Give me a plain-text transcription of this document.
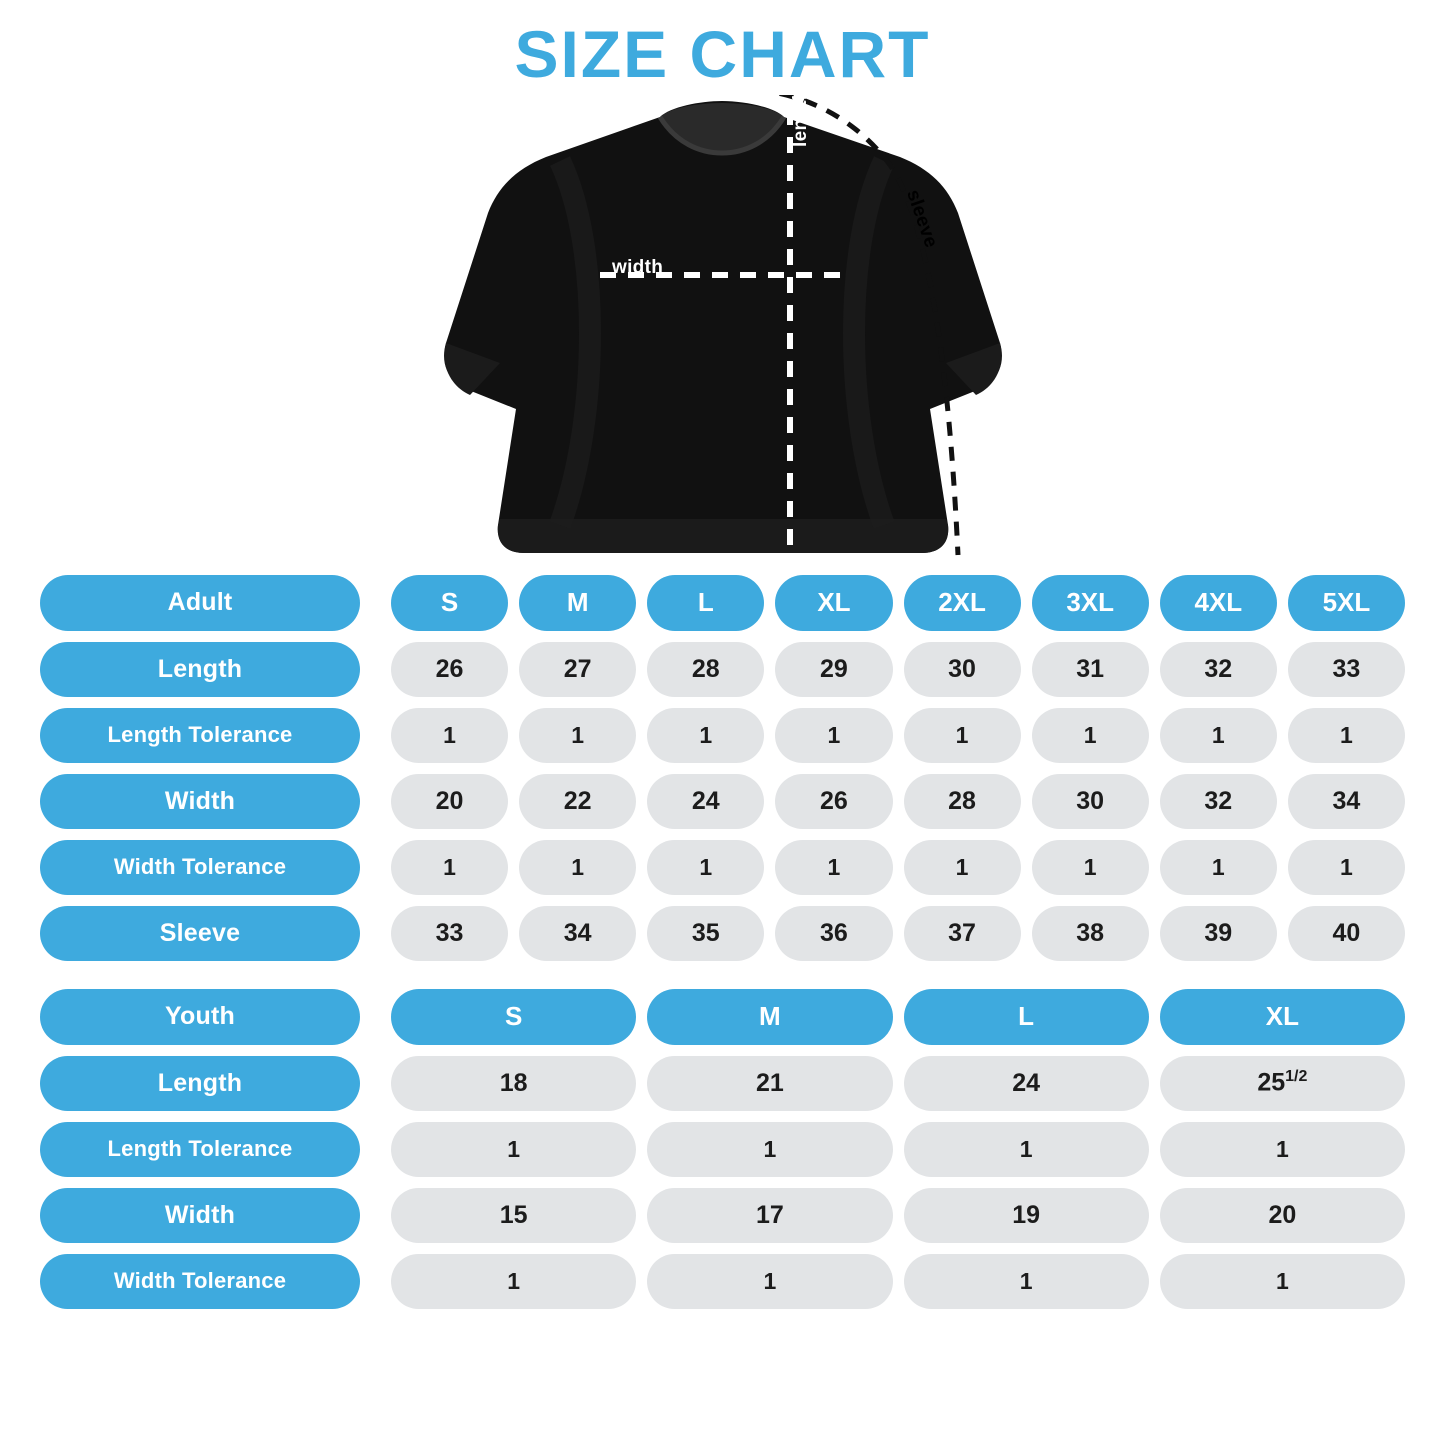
SIZE CHART
width
length
sleeve
Adult	S	M	L	XL	2XL	3XL	4XL	5XL
Length	26	27	28	29	30	31	32	33
Length Tolerance	1	1	1	1	1	1	1	1
Width	20	22	24	26	28	30	32	34
Width Tolerance	1	1	1	1	1	1	1	1
Sleeve	33	34	35	36	37	38	39	40
Youth	S	M	L	XL
Length	18	21	24	$25^{1/2}$
Length Tolerance	1	1	1	1
Width	15	17	19	20
Width Tolerance	1	1	1	1
